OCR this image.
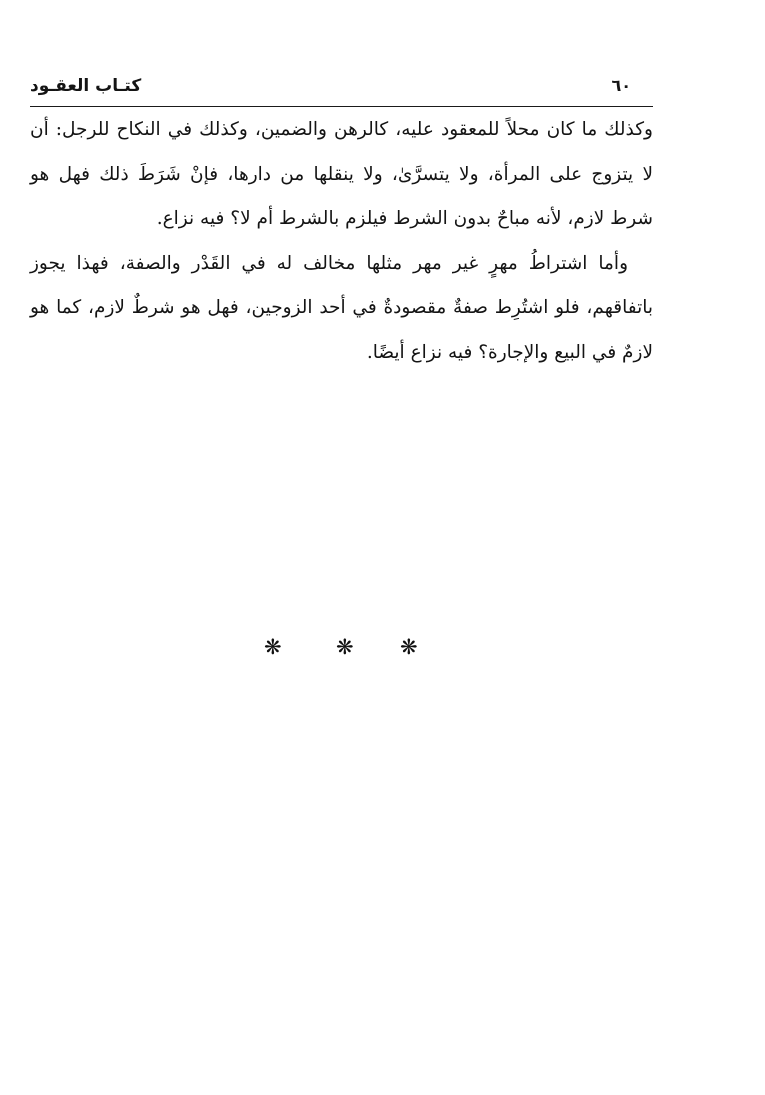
كتـاب العقـود	٦٠

وكذلك ما كان محلاً للمعقود عليه، كالرهن والضمين، وكذلك في النكاح للرجل: أن لا يتزوج على المرأة، ولا يتسرَّىٰ، ولا ينقلها من دارها، فإنْ شَرَطَ ذلك فهل هو شرط لازم، لأنه مباحٌ بدون الشرط فيلزم بالشرط أم لا؟ فيه نزاع.

وأما اشتراطُ مهرٍ غير مهر مثلها مخالف له في القَدْر والصفة، فهذا يجوز باتفاقهم، فلو اشتُرِط صفةٌ مقصودةٌ في أحد الزوجين، فهل هو شرطٌ لازم، كما هو لازمٌ في البيع والإجارة؟ فيه نزاع أيضًا.

❋	❋ ❋
